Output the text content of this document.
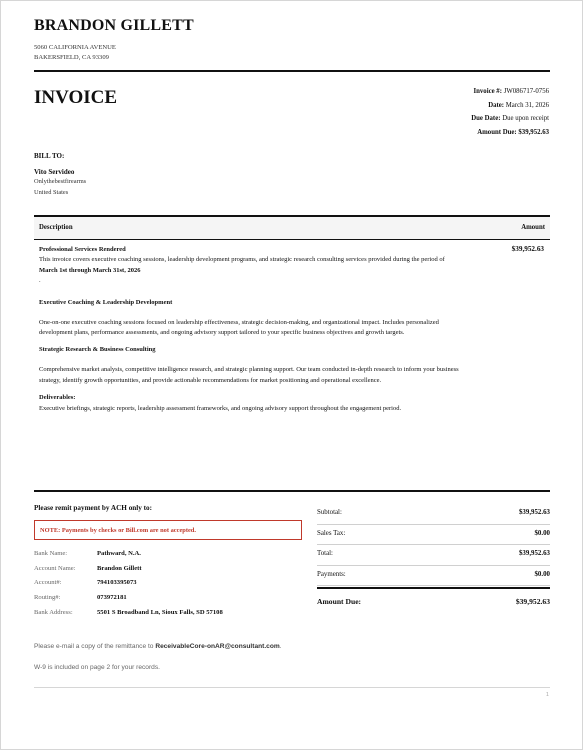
BRANDON GILLETT
5060 CALIFORNIA AVENUE
BAKERSFIELD, CA 93309
INVOICE	Invoice #: JW086717-0756
Date: March 31, 2026
Due Date: Due upon receipt
Amount Due: $39,952.63
BILL TO:
Vito Servideo
Onlythebestfirearms
United States
Description	Amount

Professional Services Rendered

This invoice covers executive coaching sessions, leadership development programs, and strategic research consulting services provided during the period of

March 1st through March 31st, 2026

.

Executive Coaching & Leadership Development

One-on-one executive coaching sessions focused on leadership effectiveness, strategic decision-making, and organizational impact. Includes personalized development plans, performance assessments, and ongoing advisory support tailored to your specific business objectives and growth targets.

Strategic Research & Business Consulting

Comprehensive market analysis, competitive intelligence research, and strategic planning support. Our team conducted in-depth research to inform your business strategy, identify growth opportunities, and provide actionable recommendations for market positioning and operational excellence.

Deliverables:

Executive briefings, strategic reports, leadership assessment frameworks, and ongoing advisory support throughout the engagement period.

$39,952.63
Please remit payment by ACH only to:
NOTE: Payments by checks or Bill.com are not accepted.
Bank Name:	Pathward, N.A.
Account Name:	Brandon Gillett
Account#:	794103395073
Routing#:	073972181
Bank Address:	5501 S Broadband Ln, Sioux Falls, SD 57108
Subtotal:	$39,952.63
Sales Tax:	$0.00
Total:	$39,952.63
Payments:	$0.00
Amount Due:	$39,952.63
Please e-mail a copy of the remittance to ReceivableCore-onAR@consultant.com.
W-9 is included on page 2 for your records.
1
